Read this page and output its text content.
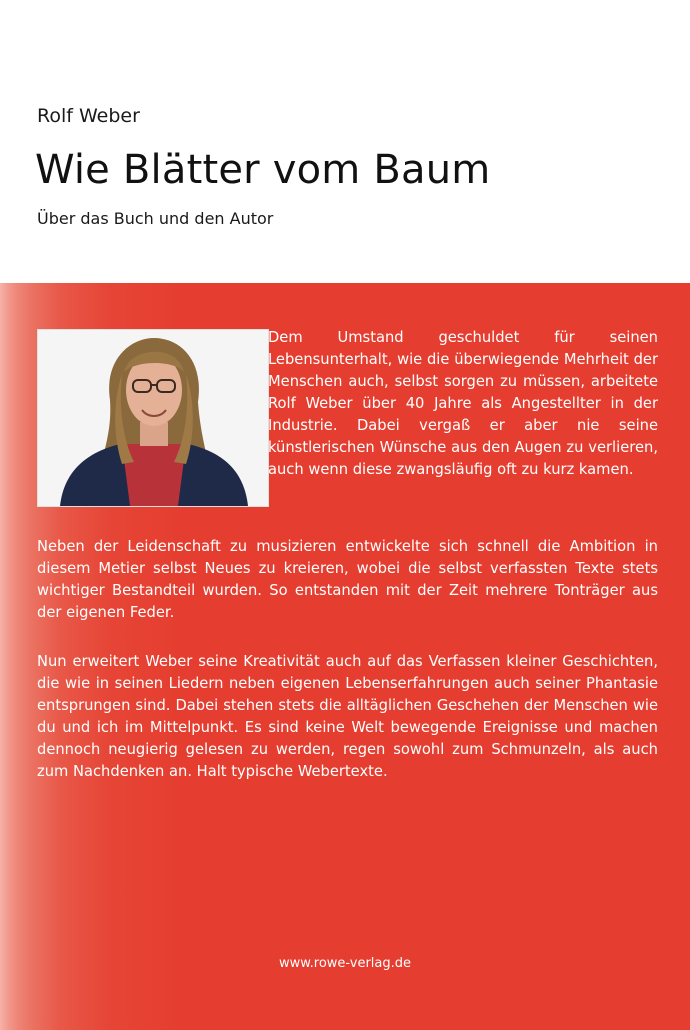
Rolf Weber
Wie Blätter vom Baum
Über das Buch und den Autor
Dem Umstand geschuldet für seinen Lebensunterhalt, wie die überwiegende Mehrheit der Menschen auch, selbst sorgen zu müssen, arbeitete Rolf Weber über 40 Jahre als Angestellter in der Industrie. Dabei vergaß er aber nie seine künstlerischen Wünsche aus den Augen zu verlieren, auch wenn diese zwangsläufig oft zu kurz kamen.
Neben der Leidenschaft zu musizieren entwickelte sich schnell die Ambition in diesem Metier selbst Neues zu kreieren, wobei die selbst verfassten Texte stets wichtiger Bestandteil wurden. So entstanden mit der Zeit mehrere Tonträger aus der eigenen Feder.
Nun erweitert Weber seine Kreativität auch auf das Verfassen kleiner Geschichten, die wie in seinen Liedern neben eigenen Lebenserfahrungen auch seiner Phantasie entsprungen sind. Dabei stehen stets die alltäglichen Geschehen der Menschen wie du und ich im Mittelpunkt. Es sind keine Welt bewegende Ereignisse und machen dennoch neugierig gelesen zu werden, regen sowohl zum Schmunzeln, als auch zum Nachdenken an. Halt typische Webertexte.
www.rowe-verlag.de
